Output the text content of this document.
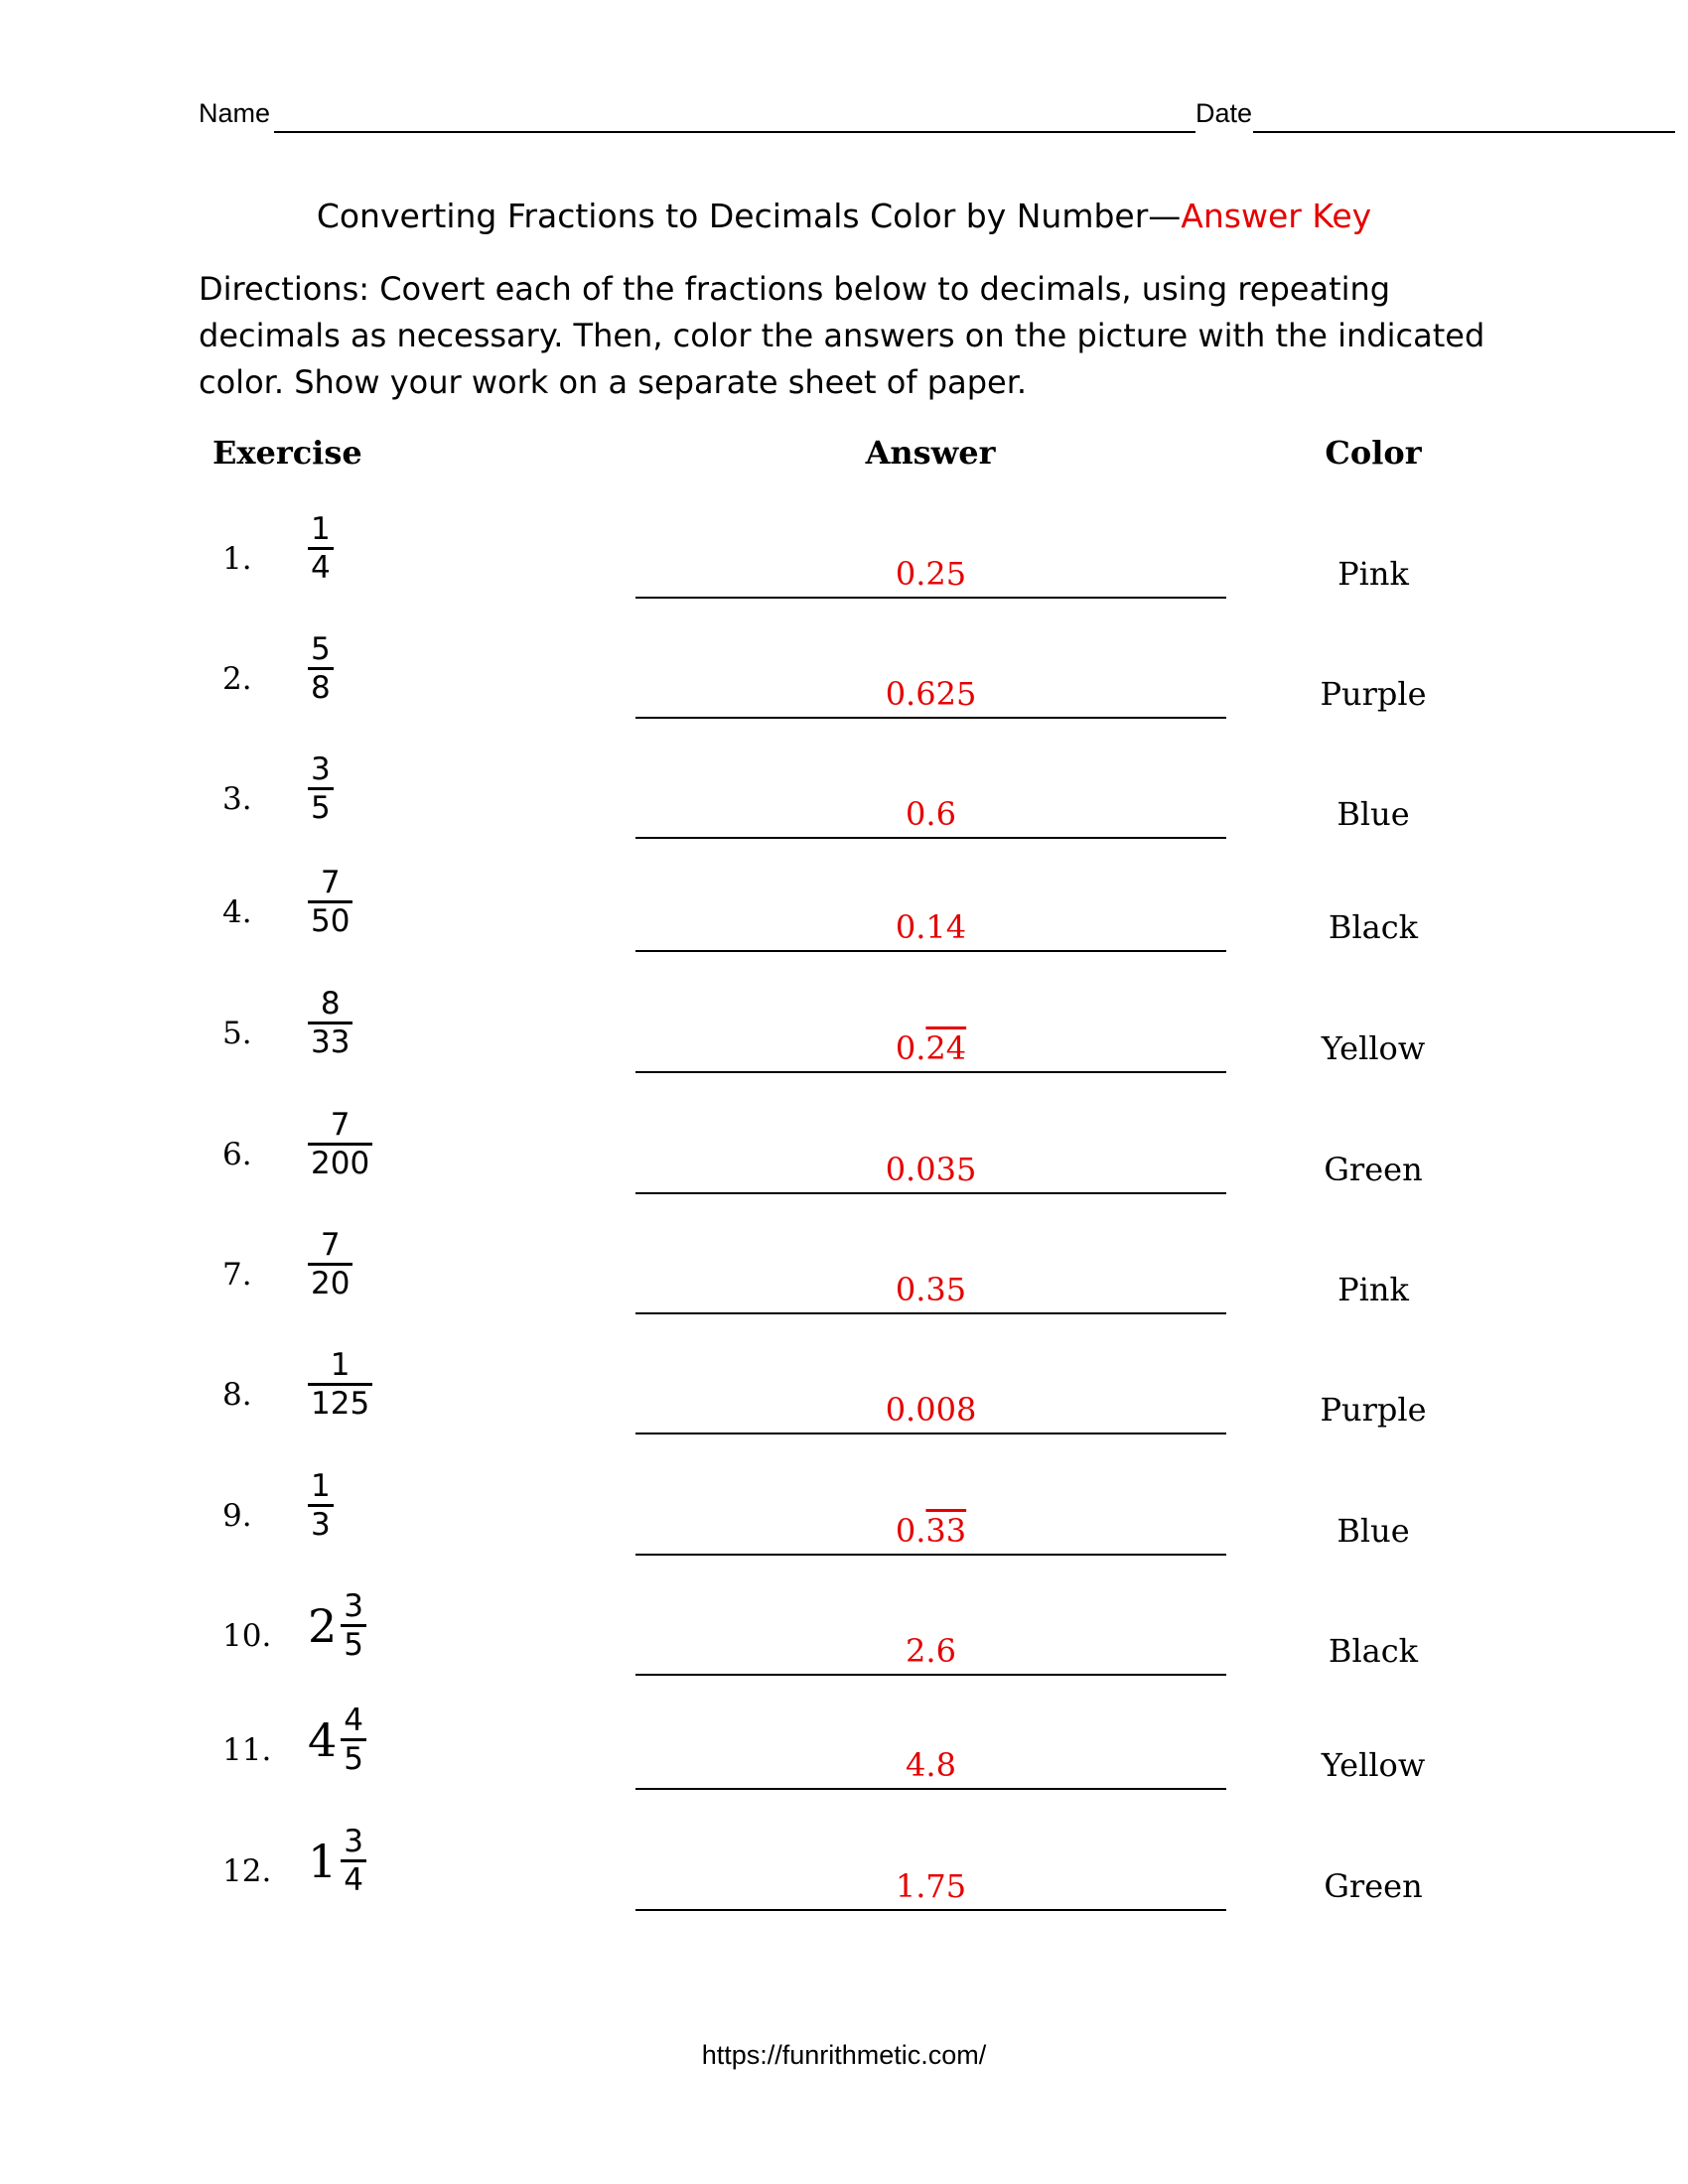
Name	Date
Converting Fractions to Decimals Color by Number—Answer Key
Directions: Covert each of the fractions below to decimals, using repeating decimals as necessary. Then, color the answers on the picture with the indicated color. Show your work on a separate sheet of paper.
Exercise	Answer	Color
1.
1
4	0.25	Pink
2.
5
8	0.625	Purple
3.
3
5	0.6	Blue
4.
7
50	0.14	Black
5.
8
33	0.24	Yellow
6.
7
200	0.035	Green
7.
7
20	0.35	Pink
8.
1
125	0.008	Purple
9.
1
3	0.33	Blue
10. 2 3
5	2.6	Black
11. 4 4
5	4.8	Yellow
12. 1 3
4	1.75	Green
https://funrithmetic.com/
